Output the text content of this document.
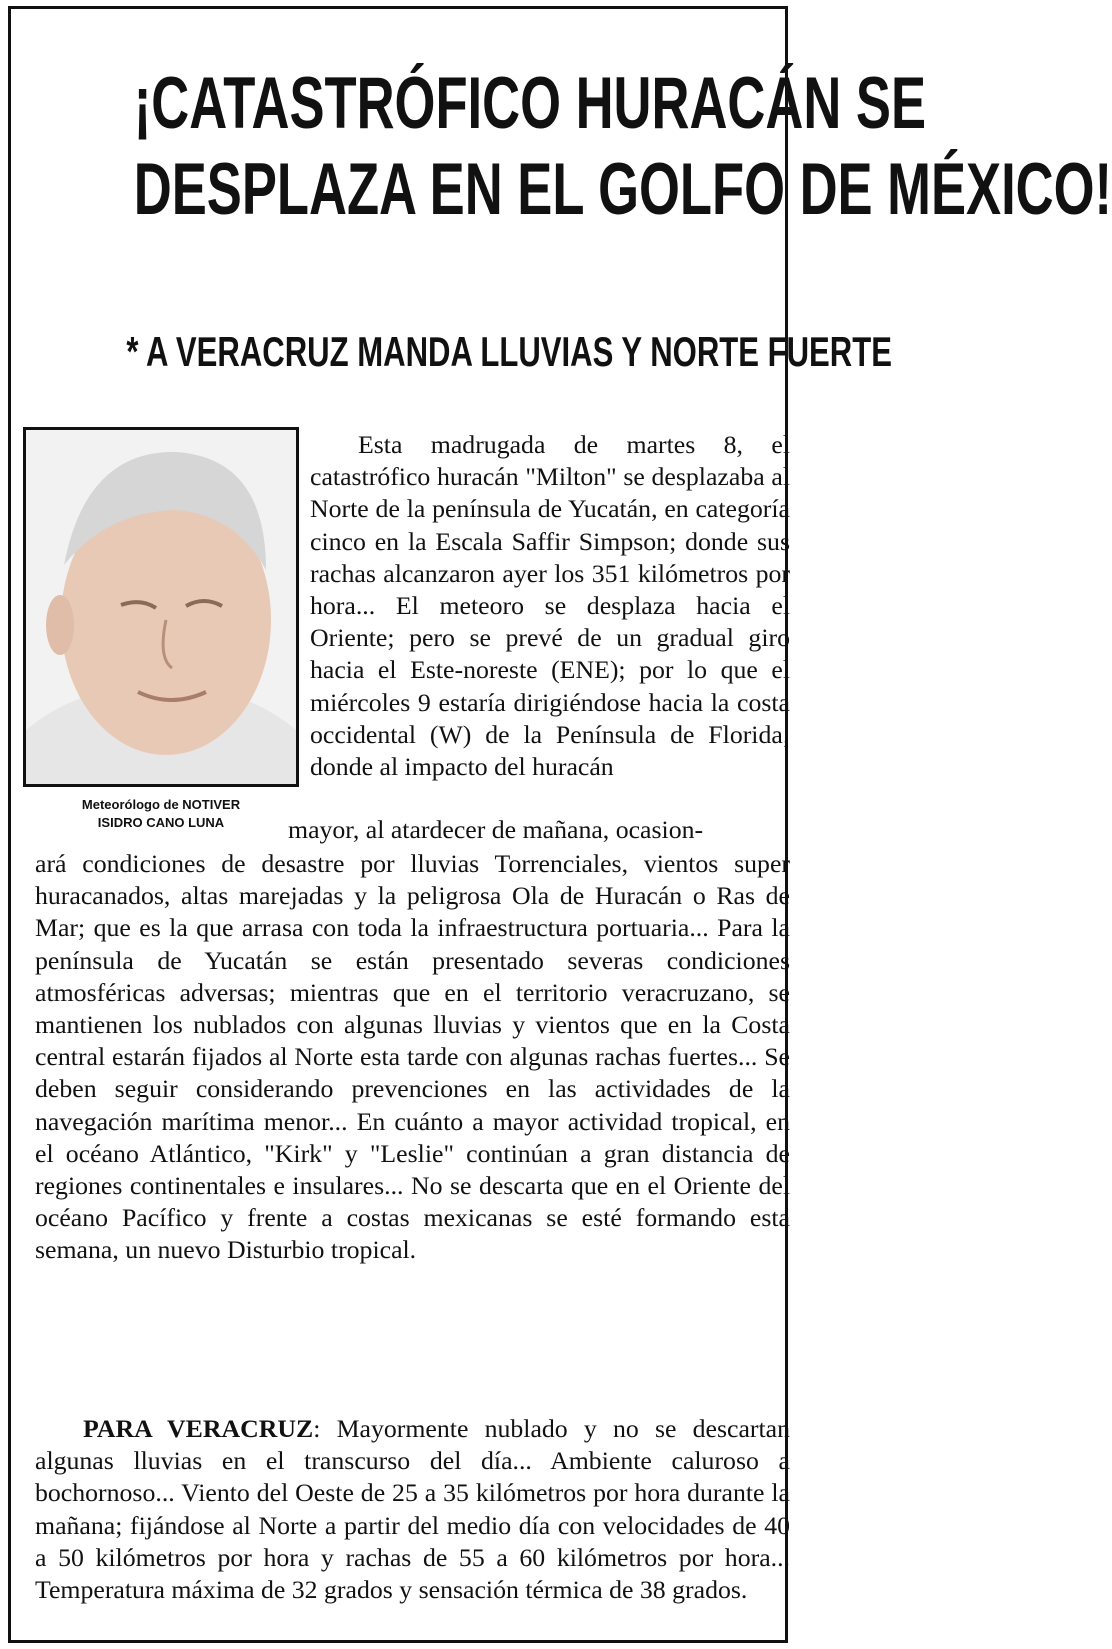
¡CATASTRÓFICO HURACÁN SE
DESPLAZA EN EL GOLFO DE MÉXICO!
* A VERACRUZ MANDA LLUVIAS Y NORTE FUERTE
Meteorólogo de NOTIVER
ISIDRO CANO LUNA

Esta madrugada de martes 8, el catastrófico huracán "Milton" se desplazaba al Norte de la península de Yucatán, en categoría cinco en la Escala Saffir Simpson; donde sus rachas alcanzaron ayer los 351 kilómetros por hora... El meteoro se desplaza hacia el Oriente; pero se prevé de un gradual giro hacia el Este-noreste (ENE); por lo que el miércoles 9 estaría dirigiéndose hacia la costa occidental (W) de la Península de Florida; donde al impacto del huracán

mayor, al atardecer de mañana, ocasion-

ará condiciones de desastre por lluvias Torrenciales, vientos super huracanados, altas marejadas y la peligrosa Ola de Huracán o Ras de Mar; que es la que arrasa con toda la infraestructura portuaria... Para la península de Yucatán se están presentado severas condiciones atmosféricas adversas; mientras que en el territorio veracruzano, se mantienen los nublados con algunas lluvias y vientos que en la Costa central estarán fijados al Norte esta tarde con algunas rachas fuertes... Se deben seguir considerando prevenciones en las actividades de la navegación marítima menor... En cuánto a mayor actividad tropical, en el océano Atlántico, "Kirk" y "Leslie" continúan a gran distancia de regiones continentales e insulares... No se descarta que en el Oriente del océano Pacífico y frente a costas mexicanas se esté formando esta semana, un nuevo Disturbio tropical.

PARA VERACRUZ: Mayormente nublado y no se descartan algunas lluvias en el transcurso del día... Ambiente caluroso a bochornoso... Viento del Oeste de 25 a 35 kilómetros por hora durante la mañana; fijándose al Norte a partir del medio día con velocidades de 40 a 50 kilómetros por hora y rachas de 55 a 60 kilómetros por hora... Temperatura máxima de 32 grados y sensación térmica de 38 grados.
